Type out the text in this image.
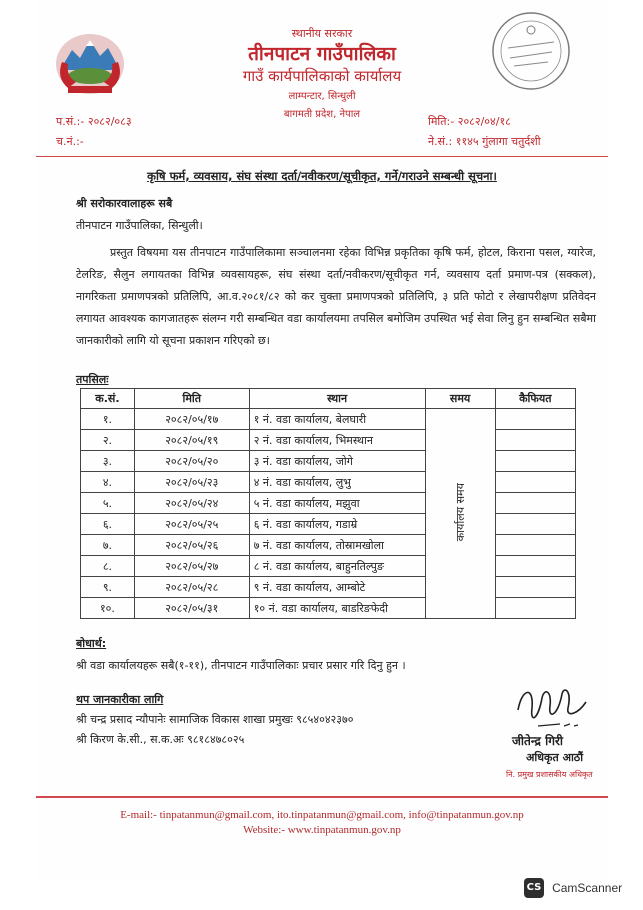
स्थानीय सरकार
तीनपाटन गाउँपालिका
गाउँ कार्यपालिकाको कार्यालय
लाम्पन्टार, सिन्धुली
बागमती प्रदेश, नेपाल
प.सं.:- २०८२/०८३
च.नं.:-
मिति:- २०८२/०४/१८
ने.सं.: ११४५ गुंलागा चतुर्दशी
कृषि फर्म, व्यवसाय, संघ संस्था दर्ता/नवीकरण/सूचीकृत, गर्ने/गराउने सम्बन्धी सूचना।
श्री सरोकारवालाहरू सबै
तीनपाटन गाउँपालिका, सिन्धुली।

प्रस्तुत विषयमा यस तीनपाटन गाउँपालिकामा सञ्चालनमा रहेका विभिन्न प्रकृतिका कृषि फर्म, होटल, किराना पसल, ग्यारेज, टेलरिङ, सैलुन लगायतका विभिन्न व्यवसायहरू, संघ संस्था दर्ता/नवीकरण/सूचीकृत गर्न, व्यवसाय दर्ता प्रमाण-पत्र (सक्कल), नागरिकता प्रमाणपत्रको प्रतिलिपि, आ.व.२०८१/८२ को कर चुक्ता प्रमाणपत्रको प्रतिलिपि, ३ प्रति फोटो र लेखापरीक्षण प्रतिवेदन लगायत आवश्यक कागजातहरू संलग्न गरी सम्बन्धित वडा कार्यालयमा तपसिल बमोजिम उपस्थित भई सेवा लिनु हुन सम्बन्धित सबैमा जानकारीको लागि यो सूचना प्रकाशन गरिएको छ।

तपसिलः
क.सं.	मिति	स्थान	समय	कैफियत
१.	२०८२/०५/१७	१ नं. वडा कार्यालय, बेलघारी	कार्यालय समय	
२.	२०८२/०५/१९	२ नं. वडा कार्यालय, भिमस्थान		
३.	२०८२/०५/२०	३ नं. वडा कार्यालय, जोगे		
४.	२०८२/०५/२३	४ नं. वडा कार्यालय, लुभु		
५.	२०८२/०५/२४	५ नं. वडा कार्यालय, मझुवा		
६.	२०८२/०५/२५	६ नं. वडा कार्यालय, गडाम्रे		
७.	२०८२/०५/२६	७ नं. वडा कार्यालय, तोस्रामखोला		
८.	२०८२/०५/२७	८ नं. वडा कार्यालय, बाहुनतिल्पुङ		
९.	२०८२/०५/२८	९ नं. वडा कार्यालय, आम्बोटे		
१०.	२०८२/०५/३१	१० नं. वडा कार्यालय, बाडरिङफेदी		
बोधार्थ:
श्री वडा कार्यालयहरू सबै(१-११), तीनपाटन गाउँपालिकाः प्रचार प्रसार गरि दिनु हुन ।
थप जानकारीका लागि
श्री चन्द्र प्रसाद न्यौपानेः सामाजिक विकास शाखा प्रमुखः ९८५४०४२३७०
श्री किरण के.सी., स.क.अः ९८१८४७८०२५	जीतेन्द्र गिरी
अधिकृत आठौं
नि. प्रमुख प्रशासकीय अधिकृत
E-mail:- tinpatanmun@gmail.com, ito.tinpatanmun@gmail.com, info@tinpatanmun.gov.np
Website:- www.tinpatanmun.gov.np
CS CamScanner
